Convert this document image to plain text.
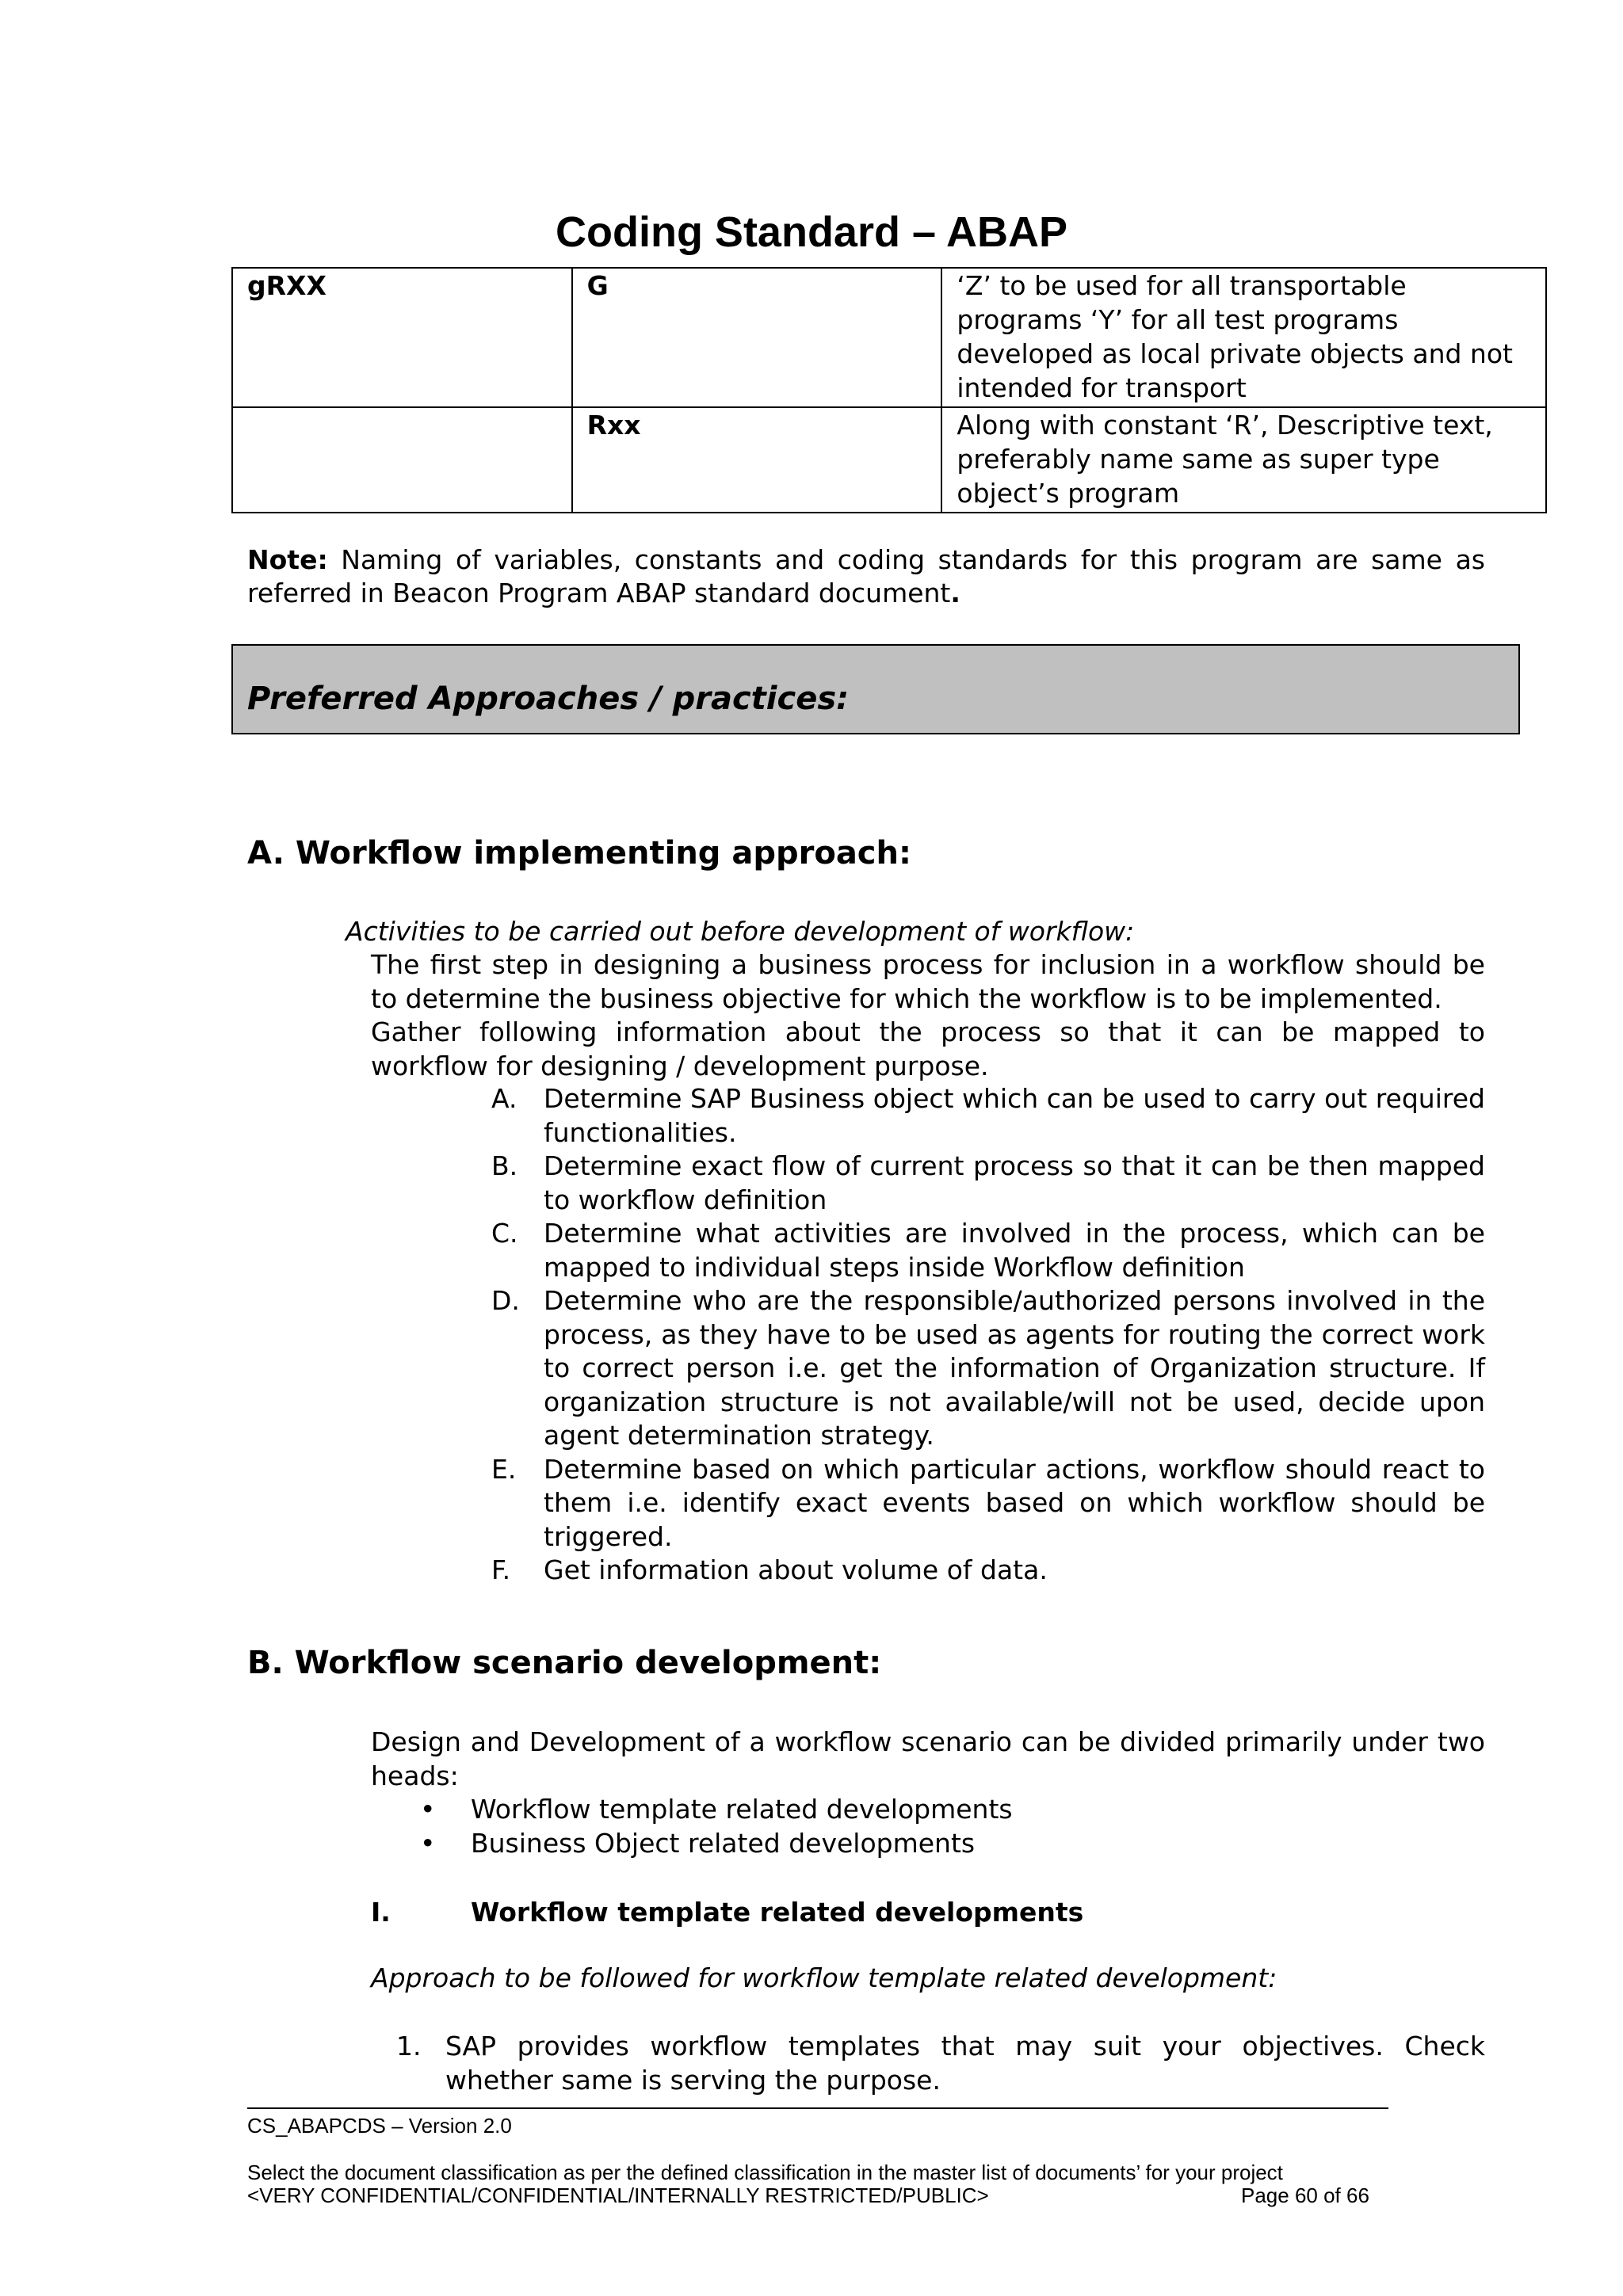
Coding Standard – ABAP
gRXX	G	‘Z’ to be used for all transportable programs ‘Y’ for all test programs developed as local private objects and not intended for transport
	Rxx	Along with constant ‘R’, Descriptive text, preferably name same as super type object’s program
Note: Naming of variables, constants and coding standards for this program are same as referred in Beacon Program ABAP standard document.
Preferred Approaches / practices:
A. Workflow implementing approach:
Activities to be carried out before development of workflow:
The first step in designing a business process for inclusion in a workflow should be to determine the business objective for which the workflow is to be implemented.
Gather following information about the process so that it can be mapped to workflow for designing / development purpose.
A. Determine SAP Business object which can be used to carry out required functionalities.
B. Determine exact flow of current process so that it can be then mapped to workflow definition
C. Determine what activities are involved in the process, which can be mapped to individual steps inside Workflow definition
D. Determine who are the responsible/authorized persons involved in the process, as they have to be used as agents for routing the correct work to correct person i.e. get the information of Organization structure. If organization structure is not available/will not be used, decide upon agent determination strategy.
E. Determine based on which particular actions, workflow should react to them i.e. identify exact events based on which workflow should be triggered.
F. Get information about volume of data.
B. Workflow scenario development:
Design and Development of a workflow scenario can be divided primarily under two heads:
• Workflow template related developments
• Business Object related developments
I.	Workflow template related developments
Approach to be followed for workflow template related development:
1. SAP provides workflow templates that may suit your objectives. Check whether same is serving the purpose.
CS_ABAPCDS – Version 2.0
Select the document classification as per the defined classification in the master list of documents’ for your project
<VERY CONFIDENTIAL/CONFIDENTIAL/INTERNALLY RESTRICTED/PUBLIC>	Page 60 of 66
